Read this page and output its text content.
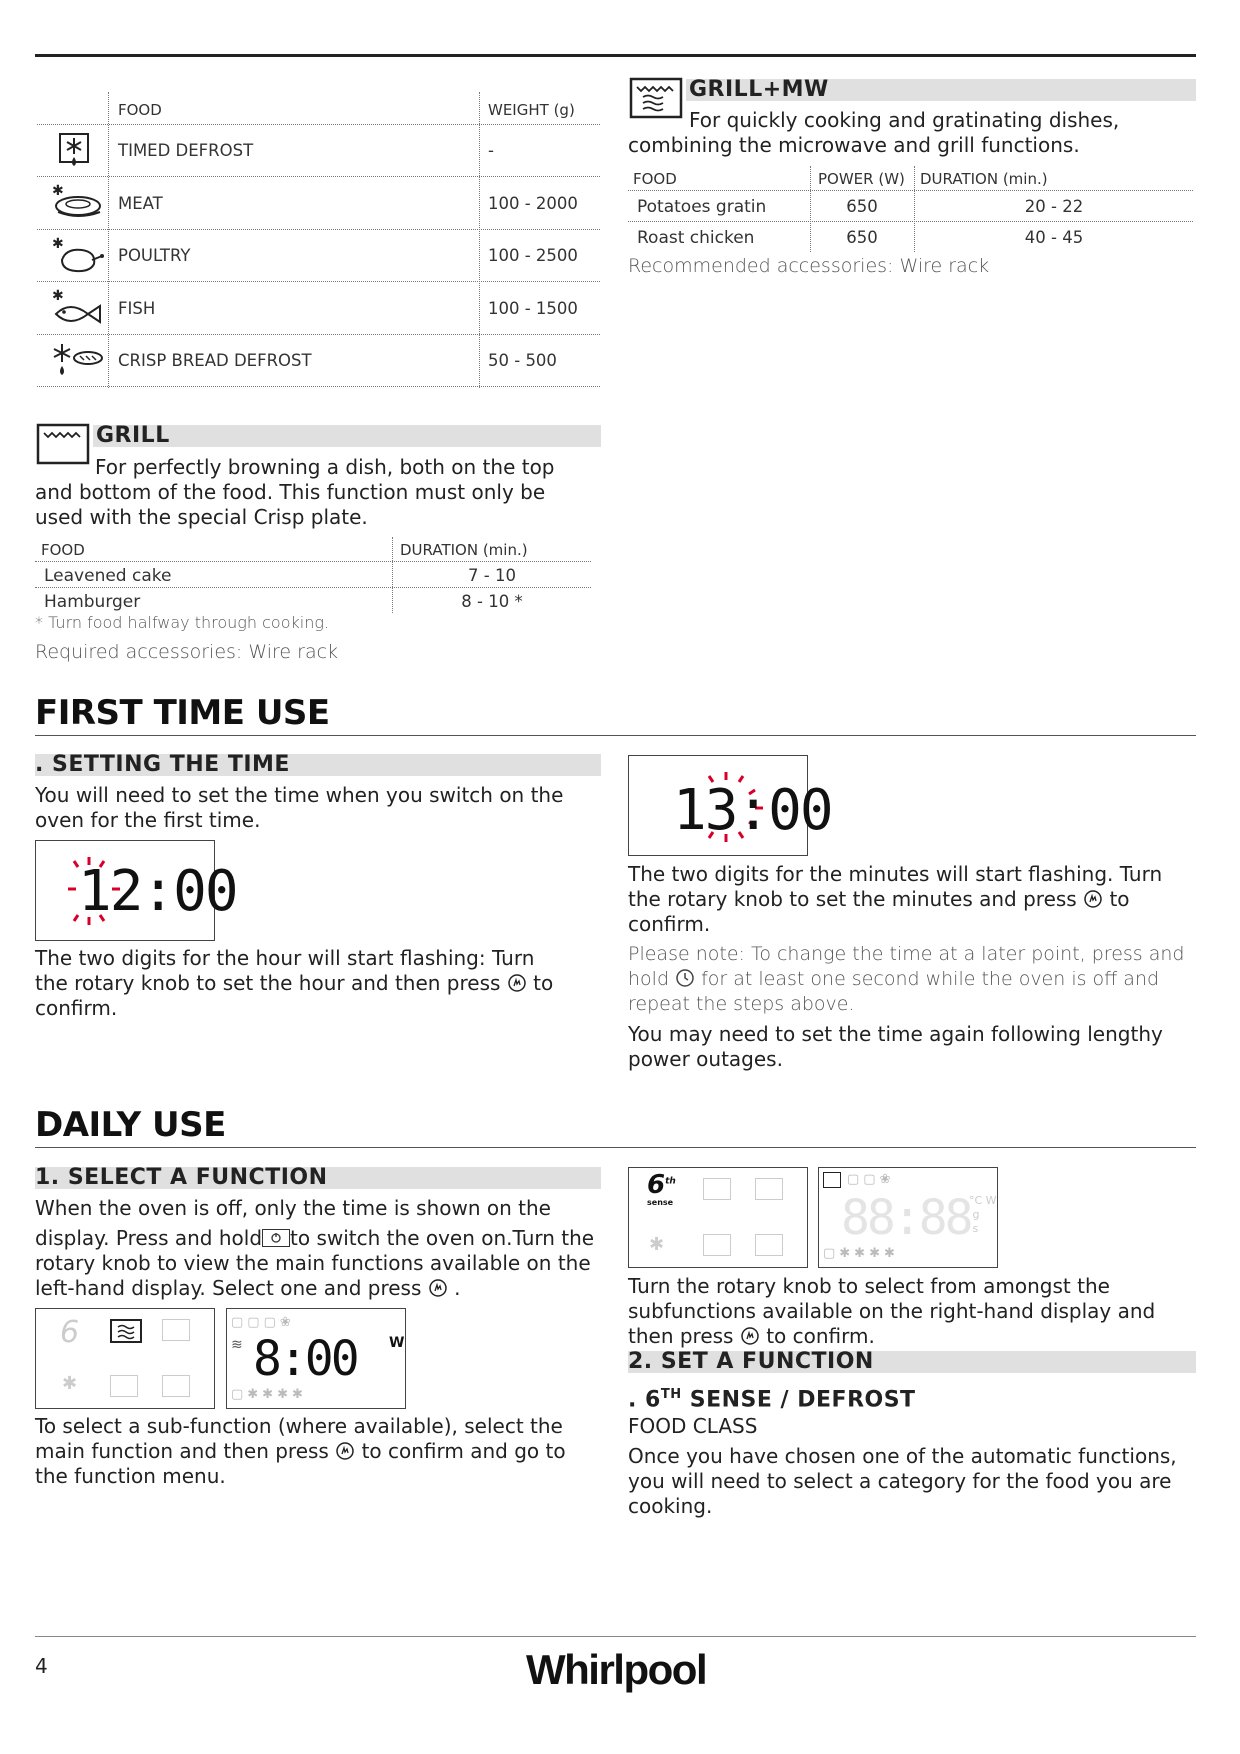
FOOD	WEIGHT (g)
TIMED DEFROST	-
✱
MEAT	100 - 2000
✱
POULTRY	100 - 2500
✱
FISH	100 - 1500
CRISP BREAD DEFROST	50 - 500
GRILL+MW
For quickly cooking and gratinating dishes,
combining the microwave and grill functions.
FOOD	POWER (W) DURATION (min.)
Potatoes gratin	650	20 - 22
Roast chicken	650	40 - 45
Recommended accessories: Wire rack
GRILL
For perfectly browning a dish, both on the top
and bottom of the food. This function must only be
used with the special Crisp plate.
FOOD	DURATION (min.)
Leavened cake	7 - 10
Hamburger	8 - 10 *
* Turn food halfway through cooking.
Required accessories: Wire rack
FIRST TIME USE
. SETTING THE TIME
You will need to set the time when you switch on the
oven for the first time.
12:00
The two digits for the hour will start flashing: Turn
the rotary knob to set the hour and then press to
confirm.
13:00
The two digits for the minutes will start flashing. Turn
the rotary knob to set the minutes and press to
confirm.
Please note: To change the time at a later point, press and
hold for at least one second while the oven is off and
repeat the steps above.
You may need to set the time again following lengthy
power outages.
DAILY USE
1. SELECT A FUNCTION
When the oven is off, only the time is shown on the
display. Press and hold to switch the oven on.Turn the
rotary knob to view the main functions available on the
left-hand display. Select one and press .
6
✱
▢▢▢❀
≋ 8:00 W
▢✱✱✱✱
To select a sub-function (where available), select the
main function and then press to confirm and go to
the function menu.
6th
sense
✱
▢▢❀
88:88
°C W
g
s
▢✱✱✱✱
Turn the rotary knob to select from amongst the
subfunctions available on the right-hand display and
then press to confirm.
2. SET A FUNCTION
. 6TH SENSE / DEFROST
FOOD CLASS
Once you have chosen one of the automatic functions,
you will need to select a category for the food you are
cooking.
4	Whirlpool
